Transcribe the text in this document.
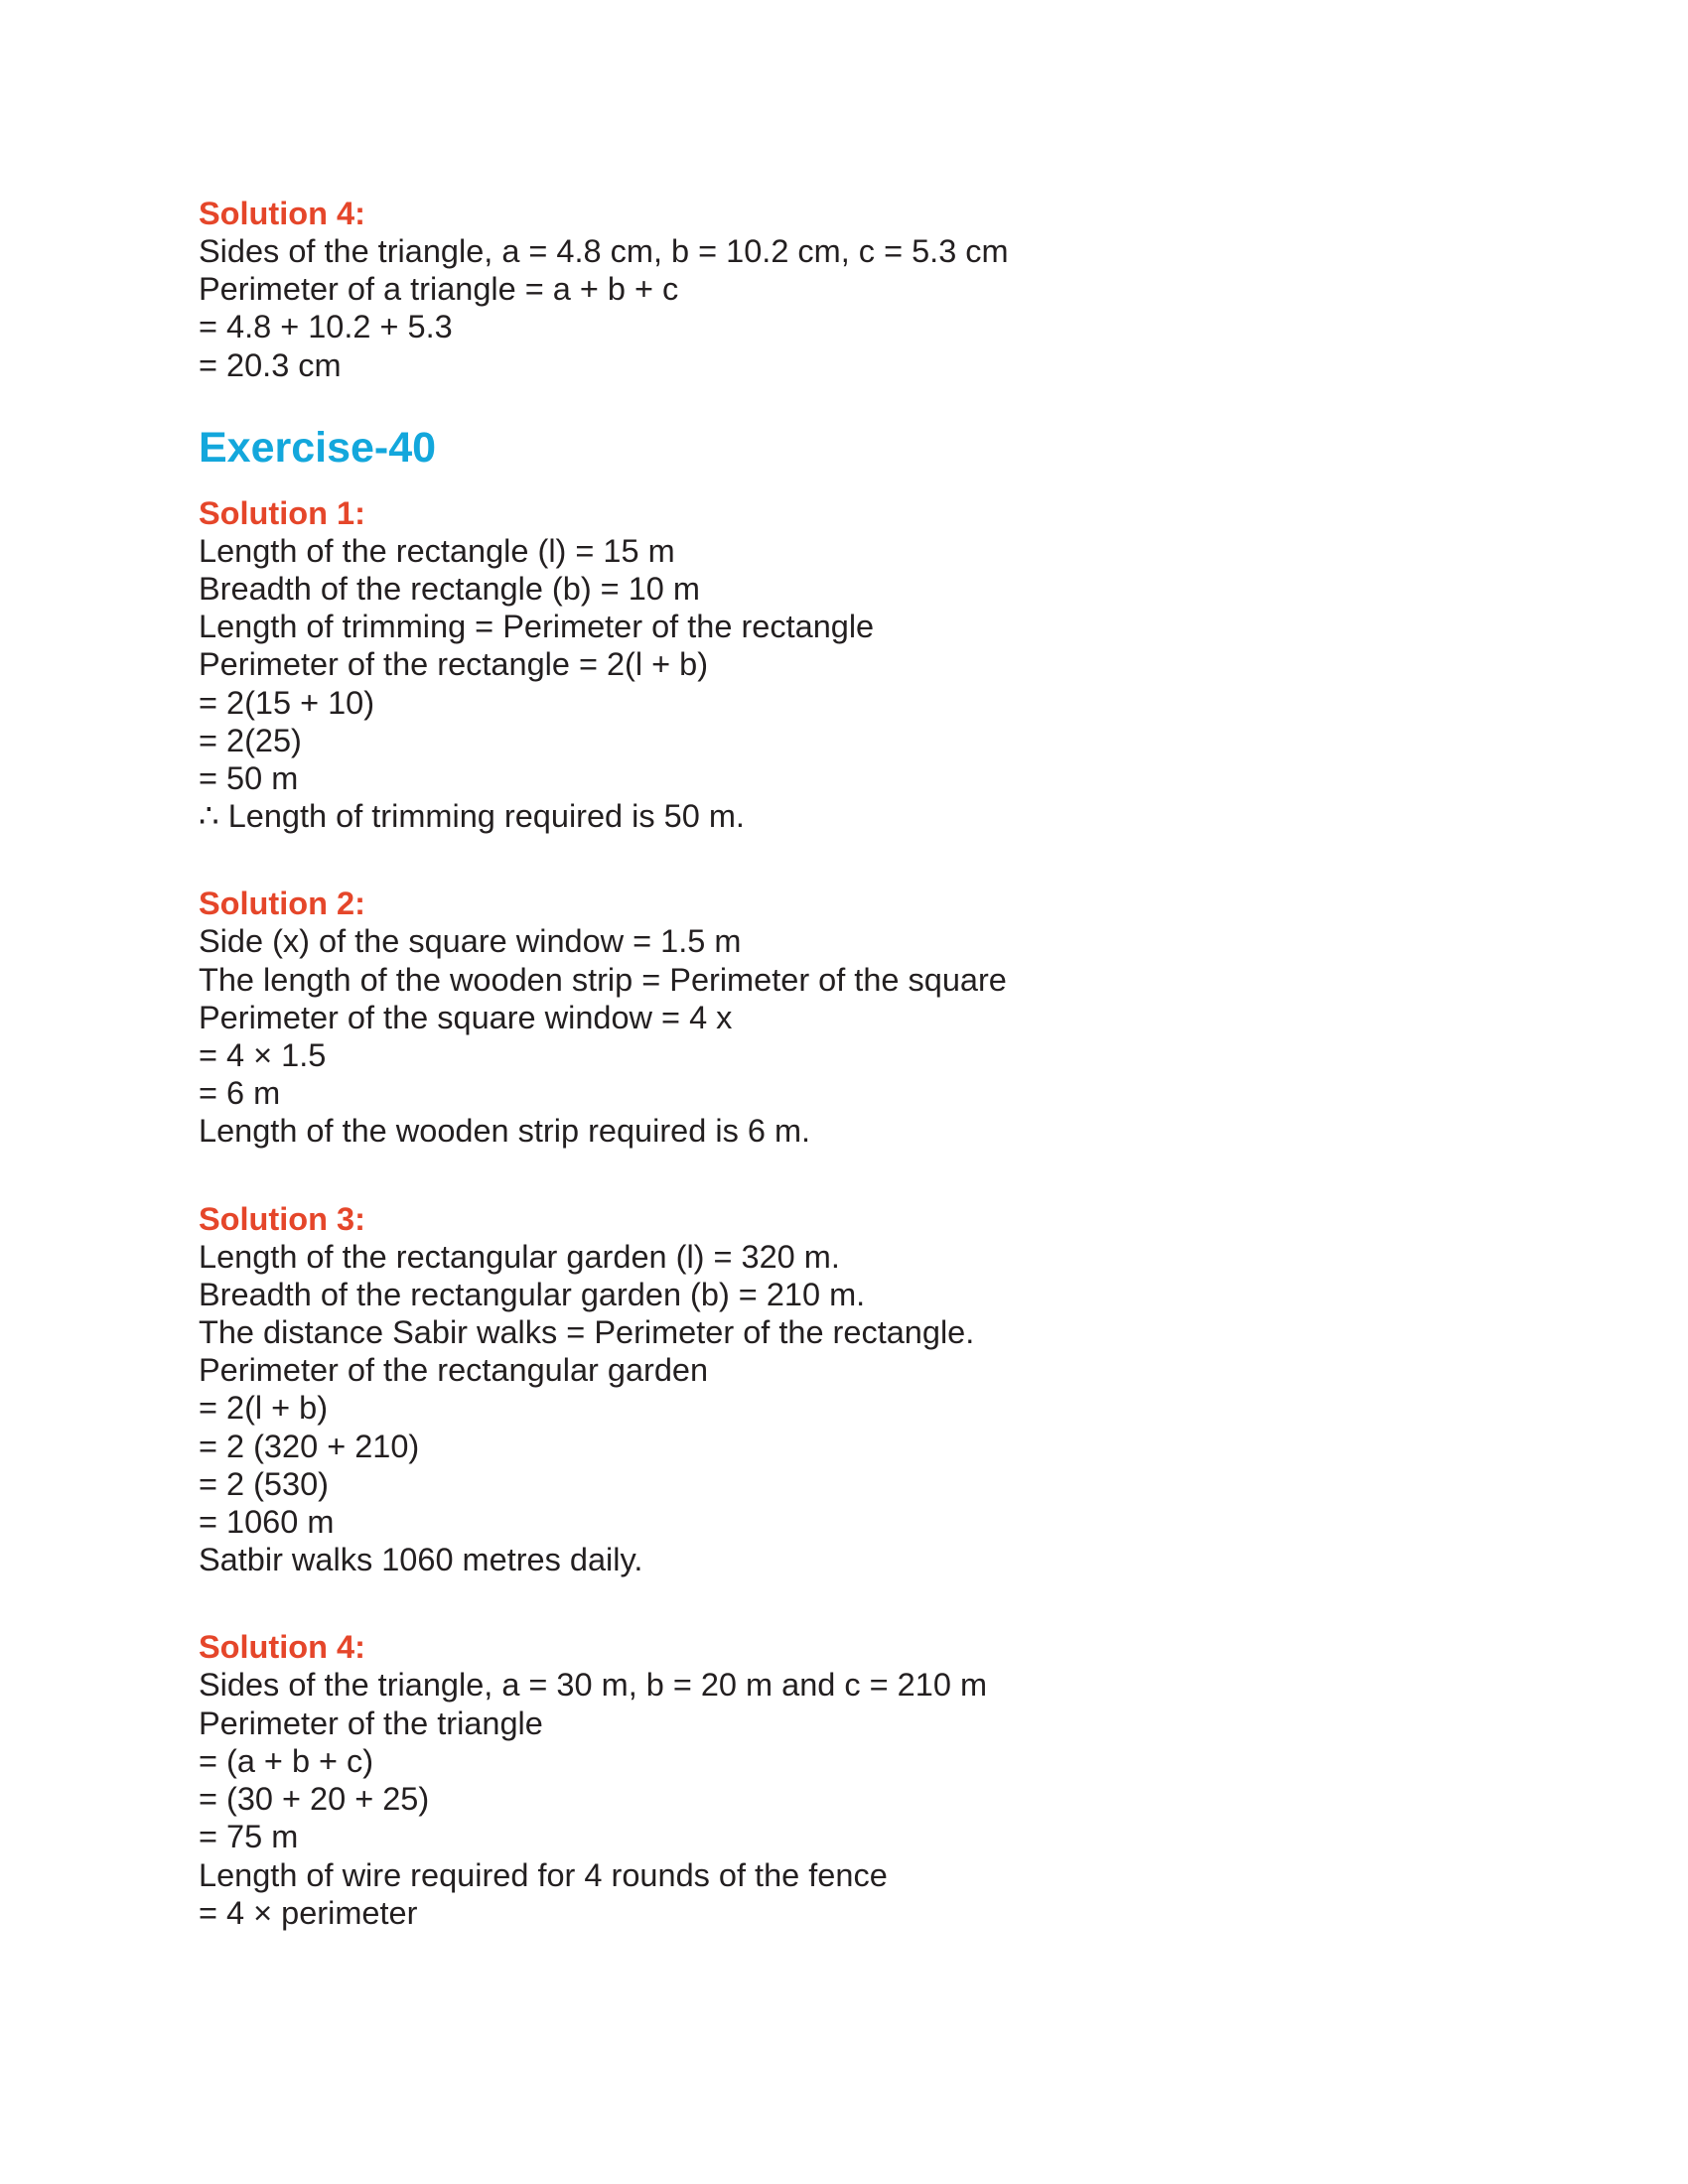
Solution 4:
Sides of the triangle, a = 4.8 cm, b = 10.2 cm, c = 5.3 cm
Perimeter of a triangle = a + b + c
= 4.8 + 10.2 + 5.3
= 20.3 cm
Exercise-40
Solution 1:
Length of the rectangle (l) = 15 m
Breadth of the rectangle (b) = 10 m
Length of trimming = Perimeter of the rectangle
Perimeter of the rectangle = 2(l + b)
= 2(15 + 10)
= 2(25)
= 50 m
∴ Length of trimming required is 50 m.
Solution 2:
Side (x) of the square window = 1.5 m
The length of the wooden strip = Perimeter of the square
Perimeter of the square window = 4 x
= 4 × 1.5
= 6 m
Length of the wooden strip required is 6 m.
Solution 3:
Length of the rectangular garden (l) = 320 m.
Breadth of the rectangular garden (b) = 210 m.
The distance Sabir walks = Perimeter of the rectangle.
Perimeter of the rectangular garden
= 2(l + b)
= 2 (320 + 210)
= 2 (530)
= 1060 m
Satbir walks 1060 metres daily.
Solution 4:
Sides of the triangle, a = 30 m, b = 20 m and c = 210 m
Perimeter of the triangle
= (a + b + c)
= (30 + 20 + 25)
= 75 m
Length of wire required for 4 rounds of the fence
= 4 × perimeter
